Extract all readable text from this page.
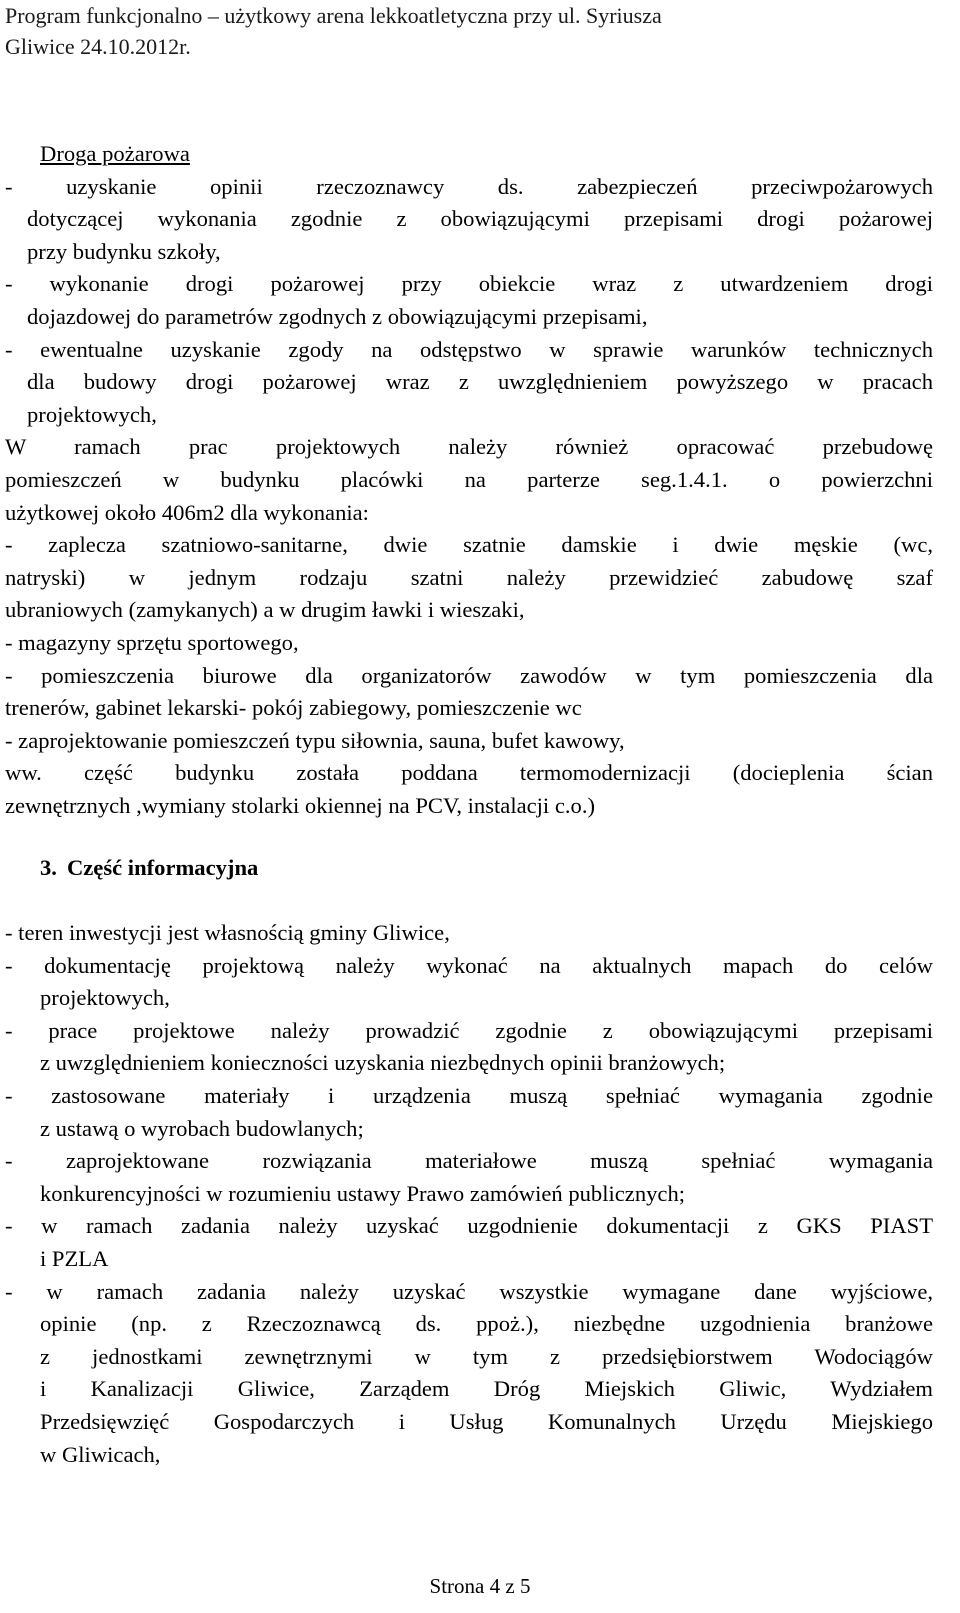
Program funkcjonalno – użytkowy arena lekkoatletyczna przy ul. Syriusza
Gliwice 24.10.2012r.

Droga pożarowa

- uzyskanie opinii rzeczoznawcy ds. zabezpieczeń przeciwpożarowych

dotyczącej wykonania zgodnie z obowiązującymi przepisami drogi pożarowej

przy budynku szkoły,

- wykonanie drogi pożarowej przy obiekcie wraz z utwardzeniem drogi

dojazdowej do parametrów zgodnych z obowiązującymi przepisami,

- ewentualne uzyskanie zgody na odstępstwo w sprawie warunków technicznych

dla budowy drogi pożarowej wraz z uwzględnieniem powyższego w pracach

projektowych,

W ramach prac projektowych należy również opracować przebudowę

pomieszczeń w budynku placówki na parterze seg.1.4.1. o powierzchni

użytkowej około 406m2 dla wykonania:

- zaplecza szatniowo-sanitarne, dwie szatnie damskie i dwie męskie (wc,

natryski) w jednym rodzaju szatni należy przewidzieć zabudowę szaf

ubraniowych (zamykanych) a w drugim ławki i wieszaki,

- magazyny sprzętu sportowego,

- pomieszczenia biurowe dla organizatorów zawodów w tym pomieszczenia dla

trenerów, gabinet lekarski- pokój zabiegowy, pomieszczenie wc

- zaprojektowanie pomieszczeń typu siłownia, sauna, bufet kawowy,

ww. część budynku została poddana termomodernizacji (docieplenia ścian

zewnętrznych ,wymiany stolarki okiennej na PCV, instalacji c.o.)

3. Część informacyjna

- teren inwestycji jest własnością gminy Gliwice,

- dokumentację projektową należy wykonać na aktualnych mapach do celów

projektowych,

- prace projektowe należy prowadzić zgodnie z obowiązującymi przepisami

z uwzględnieniem konieczności uzyskania niezbędnych opinii branżowych;

- zastosowane materiały i urządzenia muszą spełniać wymagania zgodnie

z ustawą o wyrobach budowlanych;

- zaprojektowane rozwiązania materiałowe muszą spełniać wymagania

konkurencyjności w rozumieniu ustawy Prawo zamówień publicznych;

- w ramach zadania należy uzyskać uzgodnienie dokumentacji z GKS PIAST

i PZLA

- w ramach zadania należy uzyskać wszystkie wymagane dane wyjściowe,

opinie (np. z Rzeczoznawcą ds. ppoż.), niezbędne uzgodnienia branżowe

z jednostkami zewnętrznymi w tym z przedsiębiorstwem Wodociągów

i Kanalizacji Gliwice, Zarządem Dróg Miejskich Gliwic, Wydziałem

Przedsięwzięć Gospodarczych i Usług Komunalnych Urzędu Miejskiego

w Gliwicach,

Strona 4 z 5
